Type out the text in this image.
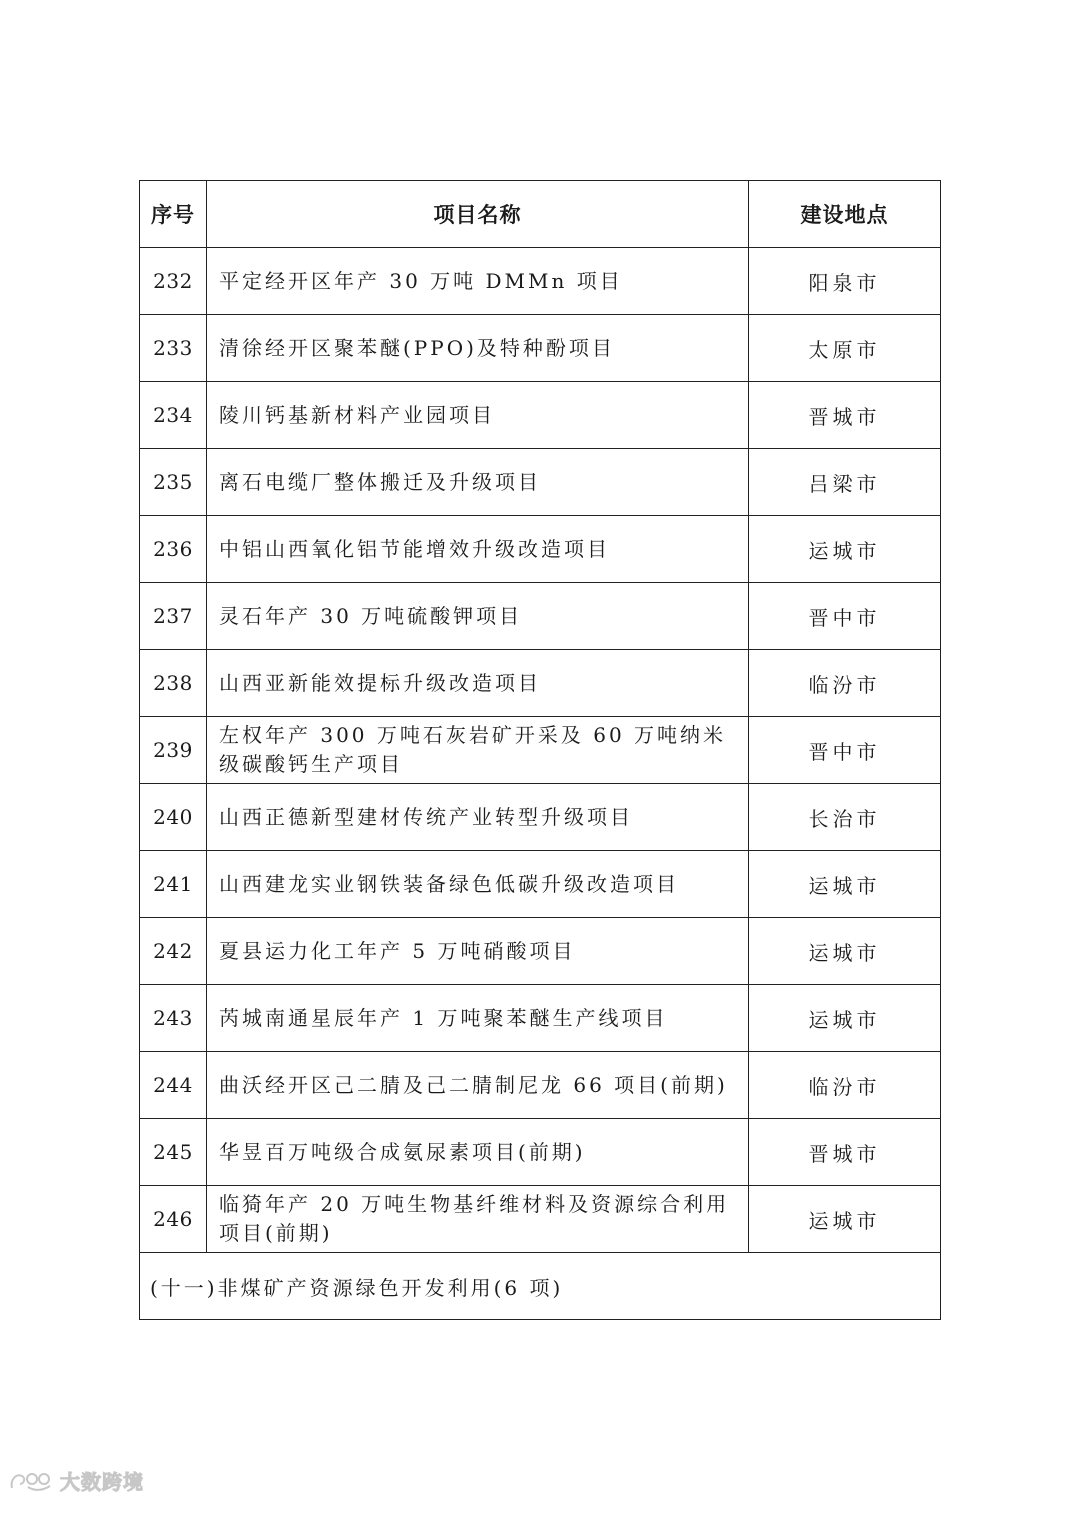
序号	项目名称	建设地点
232	平定经开区年产 30 万吨 DMMn 项目	阳泉市
233	清徐经开区聚苯醚(PPO)及特种酚项目	太原市
234	陵川钙基新材料产业园项目	晋城市
235	离石电缆厂整体搬迁及升级项目	吕梁市
236	中铝山西氧化铝节能增效升级改造项目	运城市
237	灵石年产 30 万吨硫酸钾项目	晋中市
238	山西亚新能效提标升级改造项目	临汾市
239	左权年产 300 万吨石灰岩矿开采及 60 万吨纳米级碳酸钙生产项目	晋中市
240	山西正德新型建材传统产业转型升级项目	长治市
241	山西建龙实业钢铁装备绿色低碳升级改造项目	运城市
242	夏县运力化工年产 5 万吨硝酸项目	运城市
243	芮城南通星辰年产 1 万吨聚苯醚生产线项目	运城市
244	曲沃经开区己二腈及己二腈制尼龙 66 项目(前期)	临汾市
245	华昱百万吨级合成氨尿素项目(前期)	晋城市
246	临猗年产 20 万吨生物基纤维材料及资源综合利用项目(前期)	运城市
(十一)非煤矿产资源绿色开发利用(6 项)		
大数跨境
